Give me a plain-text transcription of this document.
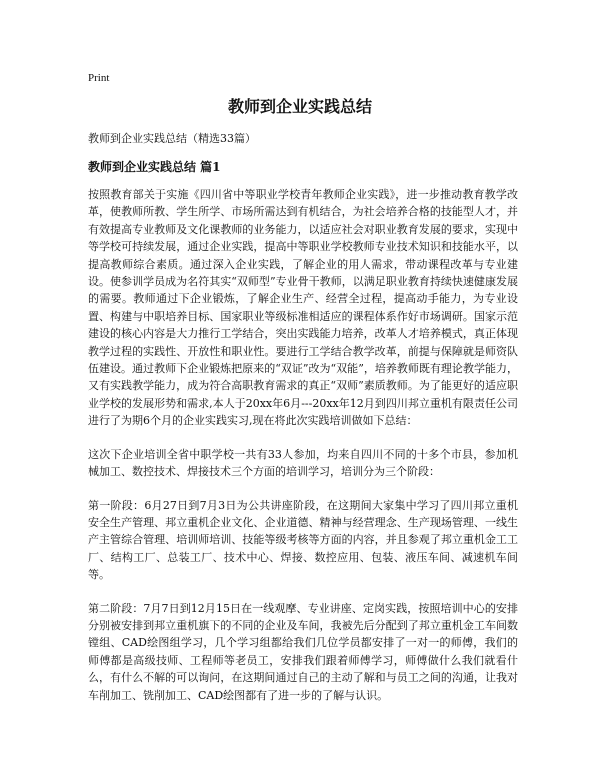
Print
教师到企业实践总结
教师到企业实践总结（精选33篇）
教师到企业实践总结 篇1

按照教育部关于实施《四川省中等职业学校青年教师企业实践》，进一步推动教育教学改革，使教师所教、学生所学、市场所需达到有机结合，为社会培养合格的技能型人才，并有效提高专业教师及文化课教师的业务能力，以适应社会对职业教育发展的要求，实现中等学校可持续发展，通过企业实践，提高中等职业学校教师专业技术知识和技能水平，以提高教师综合素质。通过深入企业实践，了解企业的用人需求，带动课程改革与专业建设。使参训学员成为名符其实“双师型”专业骨干教师，以满足职业教育持续快速健康发展的需要。教师通过下企业锻炼，了解企业生产、经营全过程，提高动手能力，为专业设置、构建与中职培养目标、国家职业等级标准相适应的课程体系作好市场调研。国家示范建设的核心内容是大力推行工学结合，突出实践能力培养，改革人才培养模式，真正体现教学过程的实践性、开放性和职业性。要进行工学结合教学改革，前提与保障就是师资队伍建设。通过教师下企业锻炼把原来的“双证”改为“双能”，培养教师既有理论教学能力，又有实践教学能力，成为符合高职教育需求的真正“双师”素质教师。为了能更好的适应职业学校的发展形势和需求,本人于20xx年6月---20xx年12月到四川邦立重机有限责任公司进行了为期6个月的企业实践实习,现在将此次实践培训做如下总结：

这次下企业培训全省中职学校一共有33人参加，均来自四川不同的十多个市县，参加机械加工、数控技术、焊接技术三个方面的培训学习，培训分为三个阶段：

第一阶段：6月27日到7月3日为公共讲座阶段，在这期间大家集中学习了四川邦立重机安全生产管理、邦立重机企业文化、企业道德、精神与经营理念、生产现场管理、一线生产主管综合管理、培训师培训、技能等级考核等方面的内容，并且参观了邦立重机金工工厂、结构工厂、总装工厂、技术中心、焊接、数控应用、包装、液压车间、减速机车间等。

第二阶段：7月7日到12月15日在一线观摩、专业讲座、定岗实践，按照培训中心的安排分别被安排到邦立重机旗下的不同的企业及车间，我被先后分配到了邦立重机金工车间数镗组、CAD绘图组学习，几个学习组都给我们几位学员都安排了一对一的师傅，我们的师傅都是高级技师、工程师等老员工，安排我们跟着师傅学习，师傅做什么我们就看什么，有什么不解的可以询问，在这期间通过自己的主动了解和与员工之间的沟通，让我对车削加工、铣削加工、CAD绘图都有了进一步的了解与认识。
